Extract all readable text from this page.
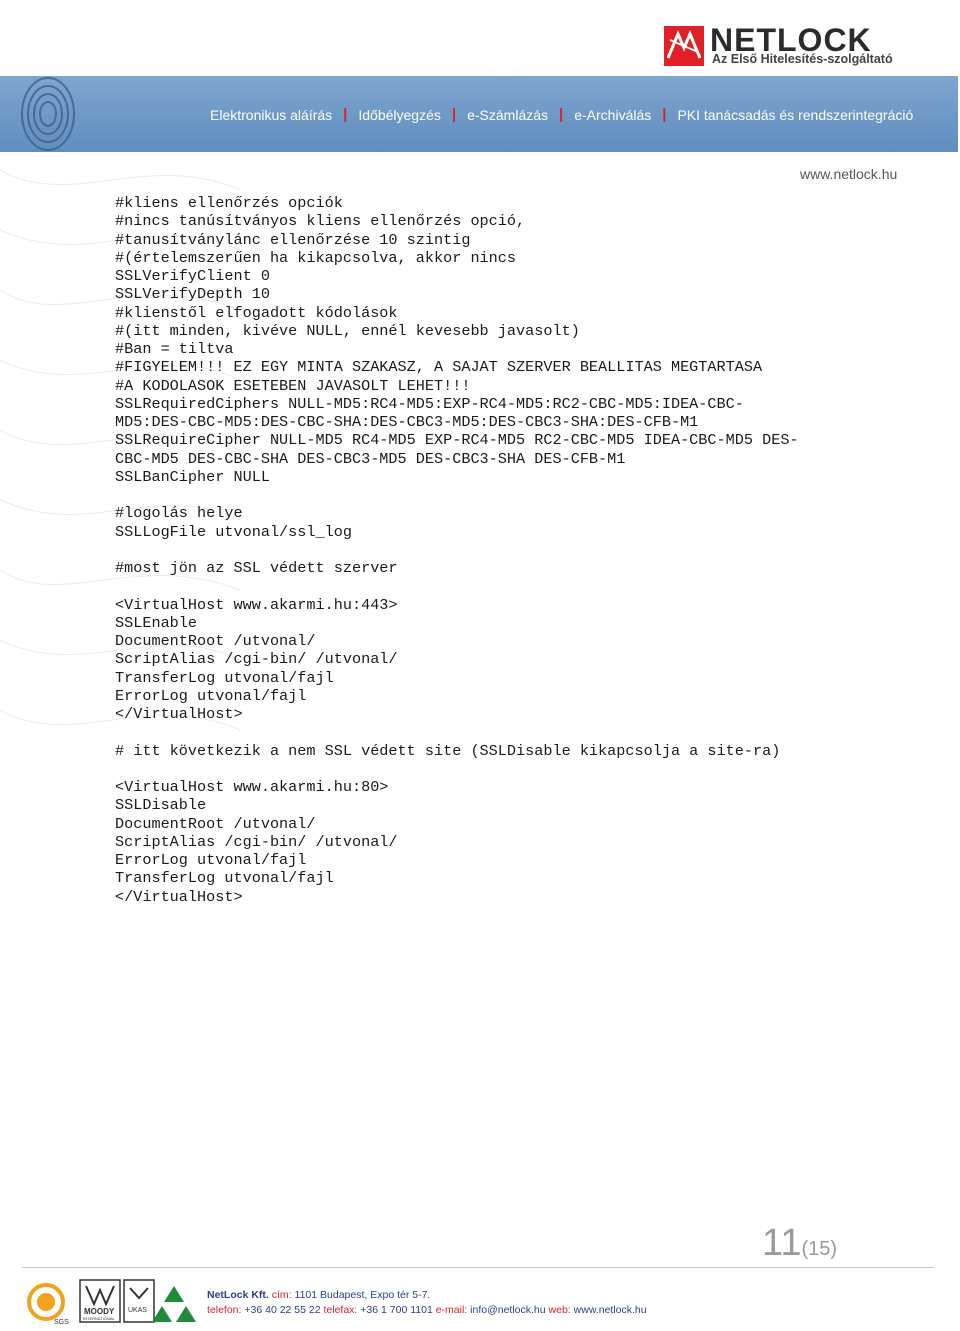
NETLOCK
Az Első Hitelesítés-szolgáltató
Elektronikus aláírás | Időbélyegzés | e-Számlázás | e-Archiválás | PKI tanácsadás és rendszerintegráció
www.netlock.hu
#kliens ellenőrzés opciók
#nincs tanúsítványos kliens ellenőrzés opció,
#tanusítványlánc ellenőrzése 10 szintig
#(értelemszerűen ha kikapcsolva, akkor nincs
SSLVerifyClient 0
SSLVerifyDepth 10
#klienstől elfogadott kódolások
#(itt minden, kivéve NULL, ennél kevesebb javasolt)
#Ban = tiltva
#FIGYELEM!!! EZ EGY MINTA SZAKASZ, A SAJAT SZERVER BEALLITAS MEGTARTASA
#A KODOLASOK ESETEBEN JAVASOLT LEHET!!!
SSLRequiredCiphers NULL-MD5:RC4-MD5:EXP-RC4-MD5:RC2-CBC-MD5:IDEA-CBC-
MD5:DES-CBC-MD5:DES-CBC-SHA:DES-CBC3-MD5:DES-CBC3-SHA:DES-CFB-M1
SSLRequireCipher NULL-MD5 RC4-MD5 EXP-RC4-MD5 RC2-CBC-MD5 IDEA-CBC-MD5 DES-
CBC-MD5 DES-CBC-SHA DES-CBC3-MD5 DES-CBC3-SHA DES-CFB-M1
SSLBanCipher NULL
#logolás helye
SSLLogFile utvonal/ssl_log
#most jön az SSL védett szerver
<VirtualHost www.akarmi.hu:443>
SSLEnable
DocumentRoot /utvonal/
ScriptAlias /cgi-bin/ /utvonal/
TransferLog utvonal/fajl
ErrorLog utvonal/fajl
</VirtualHost>
# itt következik a nem SSL védett site (SSLDisable kikapcsolja a site-ra)
<VirtualHost www.akarmi.hu:80>
SSLDisable
DocumentRoot /utvonal/
ScriptAlias /cgi-bin/ /utvonal/
ErrorLog utvonal/fajl
TransferLog utvonal/fajl
</VirtualHost>
11(15)
SGS
MOODY
INTERNATIONAL
UKAS
NetLock Kft. cím: 1101 Budapest, Expo tér 5-7.
telefon: +36 40 22 55 22 telefax: +36 1 700 1101 e-mail: info@netlock.hu web: www.netlock.hu
